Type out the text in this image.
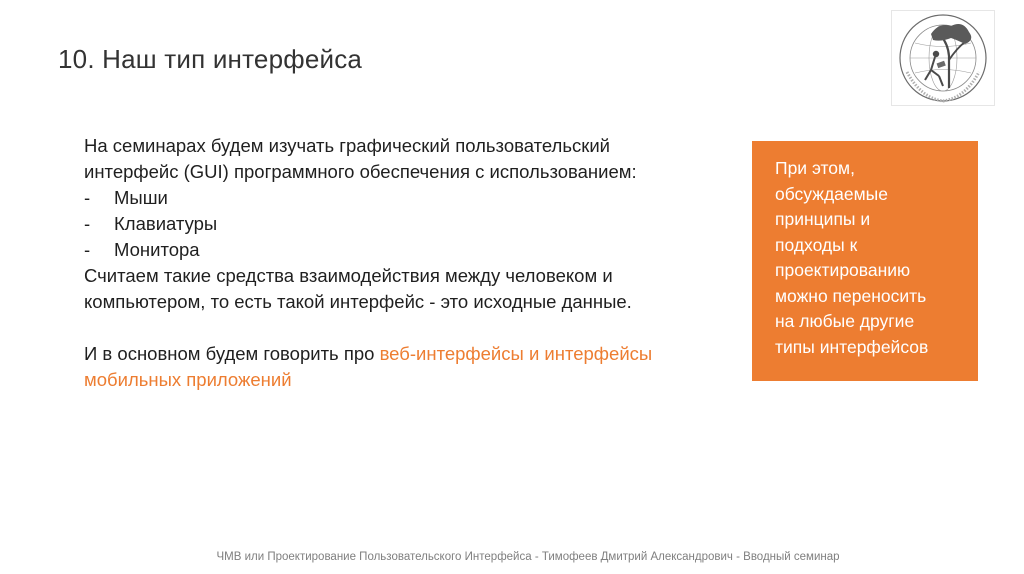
10. Наш тип интерфейса
На семинарах будем изучать графический пользовательский
интерфейс (GUI) программного обеспечения с использованием:
- Мыши
- Клавиатуры
- Монитора
Считаем такие средства взаимодействия между человеком и
компьютером, то есть такой интерфейс - это исходные данные.
И в основном будем говорить про веб-интерфейсы и интерфейсы
мобильных приложений
При этом,
обсуждаемые
принципы и
подходы к
проектированию
можно переносить
на любые другие
типы интерфейсов
ЧМВ или Проектирование Пользовательского Интерфейса - Тимофеев Дмитрий Александрович - Вводный семинар
